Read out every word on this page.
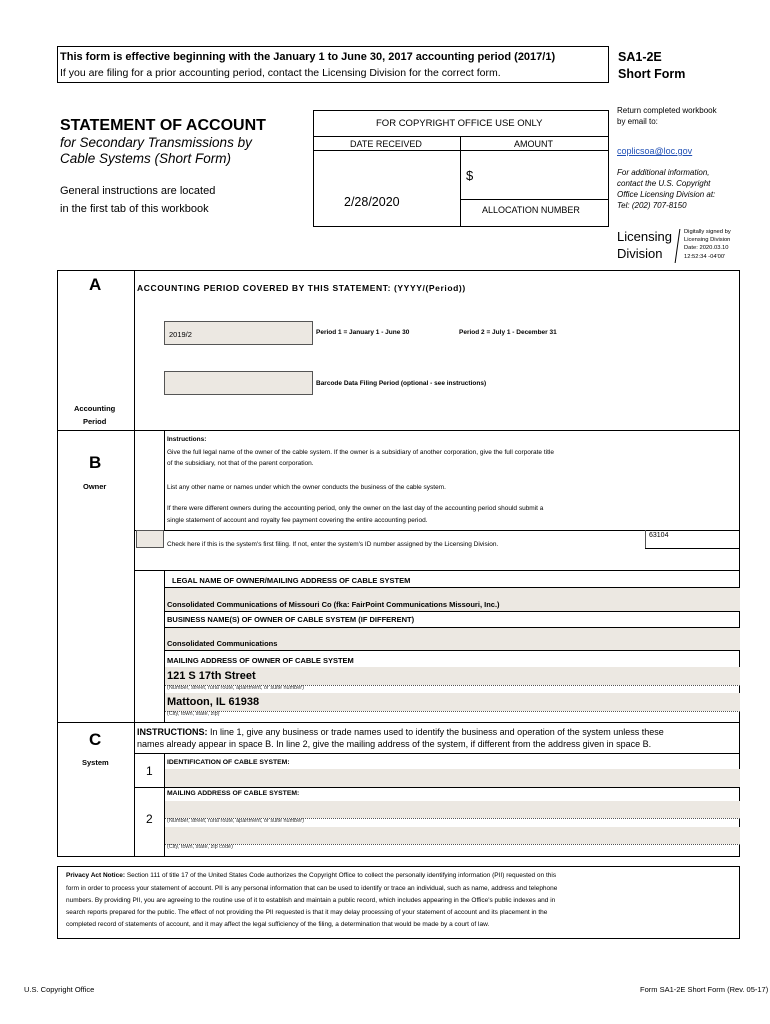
This form is effective beginning with the January 1 to June 30, 2017 accounting period (2017/1)
If you are filing for a prior accounting period, contact the Licensing Division for the correct form.
SA1-2E
Short Form
STATEMENT OF ACCOUNT
for Secondary Transmissions by
Cable Systems (Short Form)
General instructions are located
in the first tab of this workbook
FOR COPYRIGHT OFFICE USE ONLY
DATE RECEIVED	AMOUNT
2/28/2020
$
ALLOCATION NUMBER
Return completed workbook
by email to:
coplicsoa@loc.gov
For additional information,
contact the U.S. Copyright
Office Licensing Division at:
Tel: (202) 707-8150
Licensing
Division
Digitally signed by
Licensing Division
Date: 2020.03.10
12:52:34 -04'00'
A	ACCOUNTING PERIOD COVERED BY THIS STATEMENT: (YYYY/(Period))
2019/2	Period 1 = January 1 - June 30	Period 2 = July 1 - December 31
Barcode Data Filing Period (optional - see instructions)
Accounting
Period
B
Owner
Instructions:
Give the full legal name of the owner of the cable system. If the owner is a subsidiary of another corporation, give the full corporate title
of the subsidiary, not that of the parent corporation.
List any other name or names under which the owner conducts the business of the cable system.
If there were different owners during the accounting period, only the owner on the last day of the accounting period should submit a
single statement of account and royalty fee payment covering the entire accounting period.
Check here if this is the system's first filing. If not, enter the system's ID number assigned by the Licensing Division.
63104
LEGAL NAME OF OWNER/MAILING ADDRESS OF CABLE SYSTEM
Consolidated Communications of Missouri Co (fka: FairPoint Communications Missouri, Inc.)
BUSINESS NAME(S) OF OWNER OF CABLE SYSTEM (IF DIFFERENT)
Consolidated Communications
MAILING ADDRESS OF OWNER OF CABLE SYSTEM
121 S 17th Street
(Number, street, rural route, apartment, or suite number)
Mattoon, IL 61938
(City, town, state, zip)
C
System
INSTRUCTIONS: In line 1, give any business or trade names used to identify the business and operation of the system unless these
names already appear in space B. In line 2, give the mailing address of the system, if different from the address given in space B.
1
IDENTIFICATION OF CABLE SYSTEM:
MAILING ADDRESS OF CABLE SYSTEM:
2	(Number, street, rural route, apartment, or suite number)
(City, town, state, zip code)
Privacy Act Notice: Section 111 of title 17 of the United States Code authorizes the Copyright Office to collect the personally identifying information (PII) requested on this
form in order to process your statement of account. PII is any personal information that can be used to identify or trace an individual, such as name, address and telephone
numbers. By providing PII, you are agreeing to the routine use of it to establish and maintain a public record, which includes appearing in the Office's public indexes and in
search reports prepared for the public. The effect of not providing the PII requested is that it may delay processing of your statement of account and its placement in the
completed record of statements of account, and it may affect the legal sufficiency of the filing, a determination that would be made by a court of law.
U.S. Copyright Office	Form SA1-2E Short Form (Rev. 05-17)
